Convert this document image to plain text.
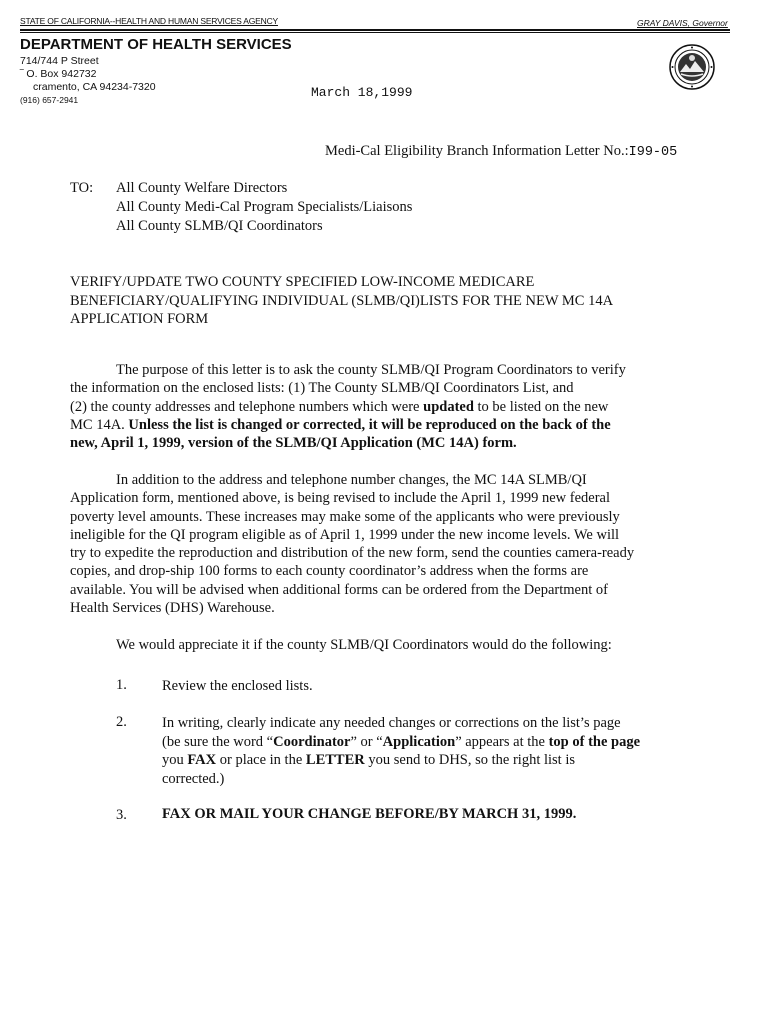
STATE OF CALIFORNIA--HEALTH AND HUMAN SERVICES AGENCY	GRAY DAVIS, Governor
DEPARTMENT OF HEALTH SERVICES
714/744 P Street
‾ O. Box 942732
cramento, CA 94234-7320
(916) 657-2941	March 18,1999
Medi-Cal Eligibility Branch Information Letter No.:I99-05
TO: All County Welfare Directors
All County Medi-Cal Program Specialists/Liaisons
All County SLMB/QI Coordinators
VERIFY/UPDATE TWO COUNTY SPECIFIED LOW-INCOME MEDICARE
BENEFICIARY/QUALIFYING INDIVIDUAL (SLMB/QI)LISTS FOR THE NEW MC 14A
APPLICATION FORM
The purpose of this letter is to ask the county SLMB/QI Program Coordinators to verify
the information on the enclosed lists: (1) The County SLMB/QI Coordinators List, and
(2) the county addresses and telephone numbers which were updated to be listed on the new
MC 14A. Unless the list is changed or corrected, it will be reproduced on the back of the
new, April 1, 1999, version of the SLMB/QI Application (MC 14A) form.
In addition to the address and telephone number changes, the MC 14A SLMB/QI
Application form, mentioned above, is being revised to include the April 1, 1999 new federal
poverty level amounts. These increases may make some of the applicants who were previously
ineligible for the QI program eligible as of April 1, 1999 under the new income levels. We will
try to expedite the reproduction and distribution of the new form, send the counties camera-ready
copies, and drop-ship 100 forms to each county coordinator’s address when the forms are
available. You will be advised when additional forms can be ordered from the Department of
Health Services (DHS) Warehouse.
We would appreciate it if the county SLMB/QI Coordinators would do the following:
1. Review the enclosed lists.
2. In writing, clearly indicate any needed changes or corrections on the list’s page
(be sure the word “Coordinator” or “Application” appears at the top of the page
you FAX or place in the LETTER you send to DHS, so the right list is
corrected.)
3. FAX OR MAIL YOUR CHANGE BEFORE/BY MARCH 31, 1999.
